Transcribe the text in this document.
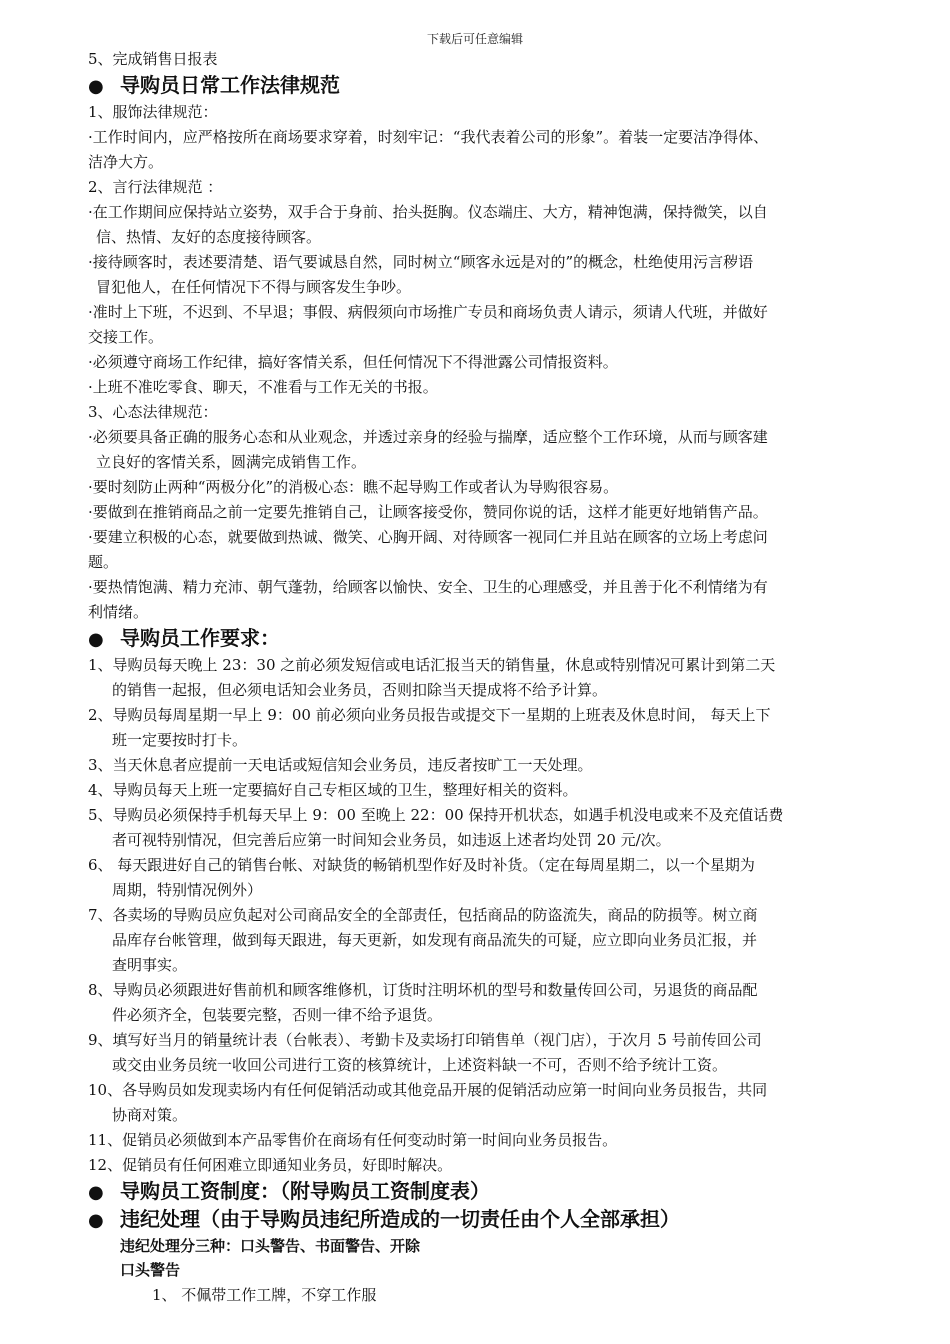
下载后可任意编辑
5、完成销售日报表
● 导购员日常工作法律规范
1、服饰法律规范：
·工作时间内，应严格按所在商场要求穿着，时刻牢记：“我代表着公司的形象”。着装一定要洁净得体、
洁净大方。
2、言行法律规范 ：
·在工作期间应保持站立姿势，双手合于身前、抬头挺胸。仪态端庄、大方，精神饱满，保持微笑，以自
信、热情、友好的态度接待顾客。
·接待顾客时，表述要清楚、语气要诚恳自然，同时树立“顾客永远是对的”的概念，杜绝使用污言秽语
冒犯他人，在任何情况下不得与顾客发生争吵。
·准时上下班，不迟到、不早退；事假、病假须向市场推广专员和商场负责人请示，须请人代班，并做好
交接工作。
·必须遵守商场工作纪律，搞好客情关系，但任何情况下不得泄露公司情报资料。
·上班不准吃零食、聊天，不准看与工作无关的书报。
3、心态法律规范：
·必须要具备正确的服务心态和从业观念，并透过亲身的经验与揣摩，适应整个工作环境，从而与顾客建
立良好的客情关系，圆满完成销售工作。
·要时刻防止两种“两极分化”的消极心态：瞧不起导购工作或者认为导购很容易。
·要做到在推销商品之前一定要先推销自己，让顾客接受你，赞同你说的话，这样才能更好地销售产品。
·要建立积极的心态，就要做到热诚、微笑、心胸开阔、对待顾客一视同仁并且站在顾客的立场上考虑问
题。
·要热情饱满、精力充沛、朝气蓬勃，给顾客以愉快、安全、卫生的心理感受，并且善于化不利情绪为有
利情绪。
● 导购员工作要求：
1、导购员每天晚上 23：30 之前必须发短信或电话汇报当天的销售量，休息或特别情况可累计到第二天
的销售一起报，但必须电话知会业务员，否则扣除当天提成将不给予计算。
2、导购员每周星期一早上 9：00 前必须向业务员报告或提交下一星期的上班表及休息时间， 每天上下
班一定要按时打卡。
3、当天休息者应提前一天电话或短信知会业务员，违反者按旷工一天处理。
4、导购员每天上班一定要搞好自己专柜区域的卫生，整理好相关的资料。
5、导购员必须保持手机每天早上 9：00 至晚上 22：00 保持开机状态，如遇手机没电或来不及充值话费
者可视特别情况，但完善后应第一时间知会业务员，如违返上述者均处罚 20 元/次。
6、 每天跟进好自己的销售台帐、对缺货的畅销机型作好及时补货。（定在每周星期二，以一个星期为
周期，特别情况例外）
7、各卖场的导购员应负起对公司商品安全的全部责任，包括商品的防盗流失，商品的防损等。树立商
品库存台帐管理，做到每天跟进，每天更新，如发现有商品流失的可疑，应立即向业务员汇报，并
查明事实。
8、导购员必须跟进好售前机和顾客维修机，订货时注明坏机的型号和数量传回公司，另退货的商品配
件必须齐全，包装要完整，否则一律不给予退货。
9、填写好当月的销量统计表（台帐表）、考勤卡及卖场打印销售单（视门店），于次月 5 号前传回公司
或交由业务员统一收回公司进行工资的核算统计，上述资料缺一不可，否则不给予统计工资。
10、各导购员如发现卖场内有任何促销活动或其他竞品开展的促销活动应第一时间向业务员报告，共同
协商对策。
11、促销员必须做到本产品零售价在商场有任何变动时第一时间向业务员报告。
12、促销员有任何困难立即通知业务员，好即时解决。
● 导购员工资制度：（附导购员工资制度表）
● 违纪处理（由于导购员违纪所造成的一切责任由个人全部承担）
违纪处理分三种：口头警告、书面警告、开除
口头警告
1、 不佩带工作工牌，不穿工作服
